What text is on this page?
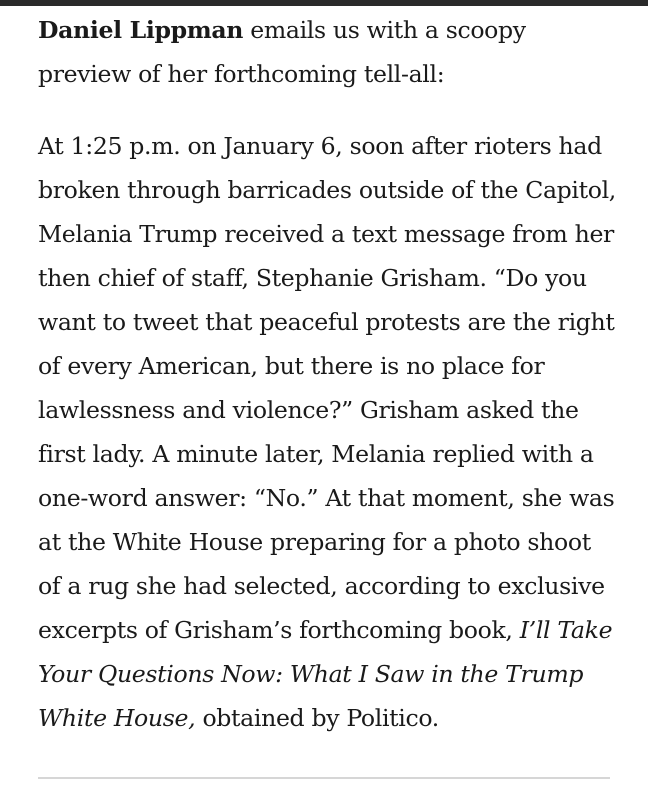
Daniel Lippman emails us with a scoopy preview of her forthcoming tell-all:

At 1:25 p.m. on January 6, soon after rioters had broken through barricades outside of the Capitol, Melania Trump received a text message from her then chief of staff, Stephanie Grisham. “Do you want to tweet that peaceful protests are the right of every American, but there is no place for lawlessness and violence?” Grisham asked the first lady. A minute later, Melania replied with a one-word answer: “No.” At that moment, she was at the White House preparing for a photo shoot of a rug she had selected, according to exclusive excerpts of Grisham’s forthcoming book, I’ll Take Your Questions Now: What I Saw in the Trump White House, obtained by Politico.
